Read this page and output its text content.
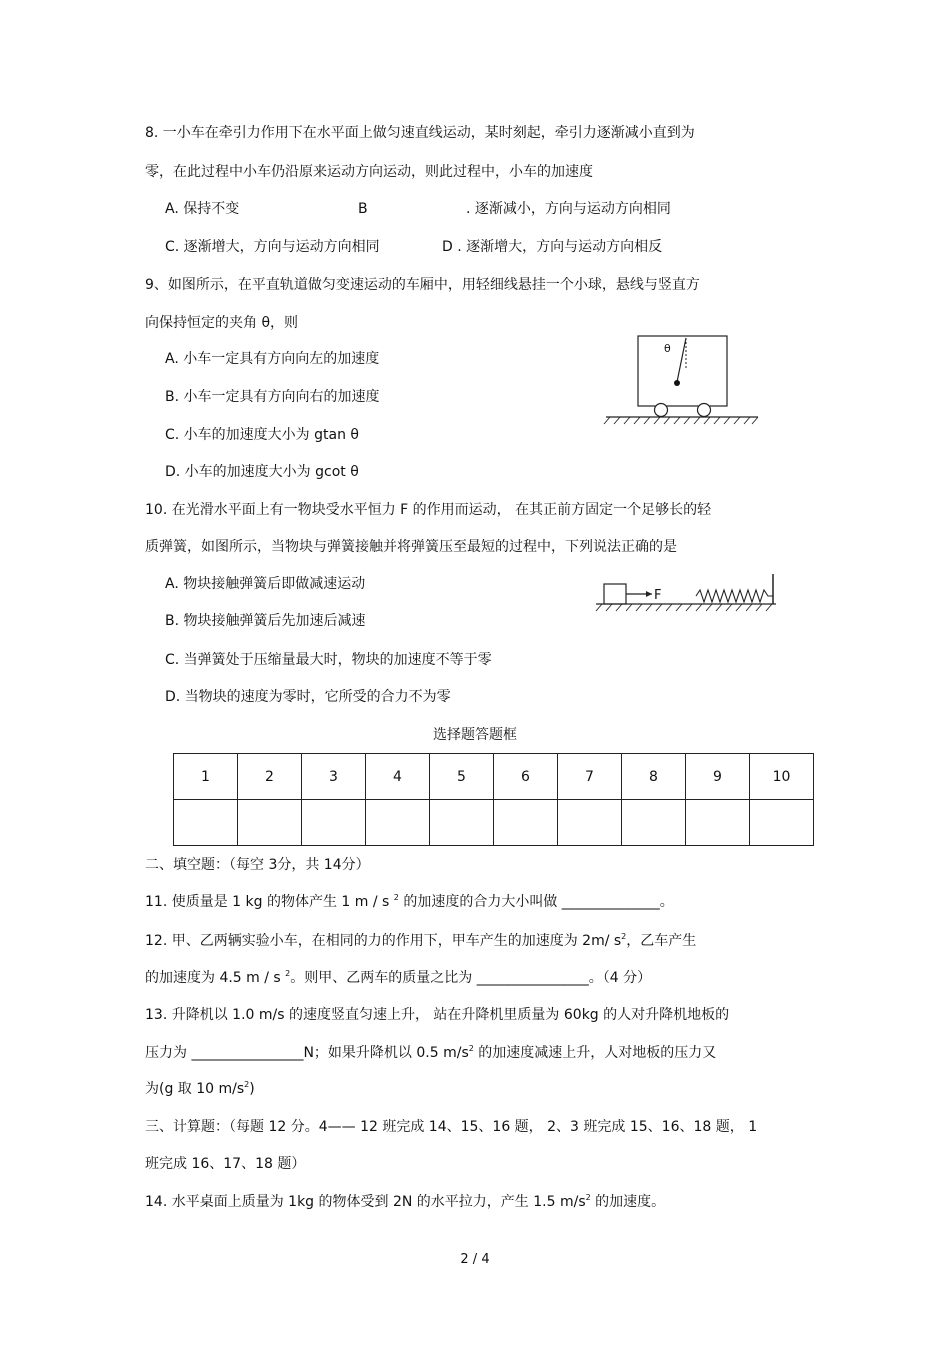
8. 一小车在牵引力作用下在水平面上做匀速直线运动，某时刻起，牵引力逐渐减小直到为
零，在此过程中小车仍沿原来运动方向运动，则此过程中，小车的加速度
A. 保持不变	B	. 逐渐减小，方向与运动方向相同
C. 逐渐增大，方向与运动方向相同	D . 逐渐增大，方向与运动方向相反
9、如图所示，在平直轨道做匀变速运动的车厢中，用轻细线悬挂一个小球，悬线与竖直方
向保持恒定的夹角 θ，则
A. 小车一定具有方向向左的加速度
B. 小车一定具有方向向右的加速度
C. 小车的加速度大小为 gtan θ
D. 小车的加速度大小为 gcot θ
θ
10. 在光滑水平面上有一物块受水平恒力 F 的作用而运动， 在其正前方固定一个足够长的轻
质弹簧，如图所示，当物块与弹簧接触并将弹簧压至最短的过程中，下列说法正确的是
A. 物块接触弹簧后即做减速运动
B. 物块接触弹簧后先加速后减速
C. 当弹簧处于压缩量最大时，物块的加速度不等于零
D. 当物块的速度为零时，它所受的合力不为零
F
选择题答题框
1	2	3	4	5	6	7	8	9	10

二、填空题：（每空 3分，共 14分）
11. 使质量是 1 kg 的物体产生 1 m / s $^2$ 的加速度的合力大小叫做 ______________。
12. 甲、乙两辆实验小车，在相同的力的作用下，甲车产生的加速度为 2m/ $s^2$，乙车产生
的加速度为 4.5 m / s $^2$。则甲、乙两车的质量之比为 ________________。（4 分）
13. 升降机以 1.0 m/s 的速度竖直匀速上升， 站在升降机里质量为 60kg 的人对升降机地板的
压力为 ________________N；如果升降机以 0.5 $m/s^2$ 的加速度减速上升，人对地板的压力又
为(g 取 10 $m/s^2$)
三、计算题：（每题 12 分。4—— 12 班完成 14、15、16 题， 2、3 班完成 15、16、18 题， 1
班完成 16、17、18 题）
14. 水平桌面上质量为 1kg 的物体受到 2N 的水平拉力，产生 1.5 $m/s^2$ 的加速度。
2 / 4
